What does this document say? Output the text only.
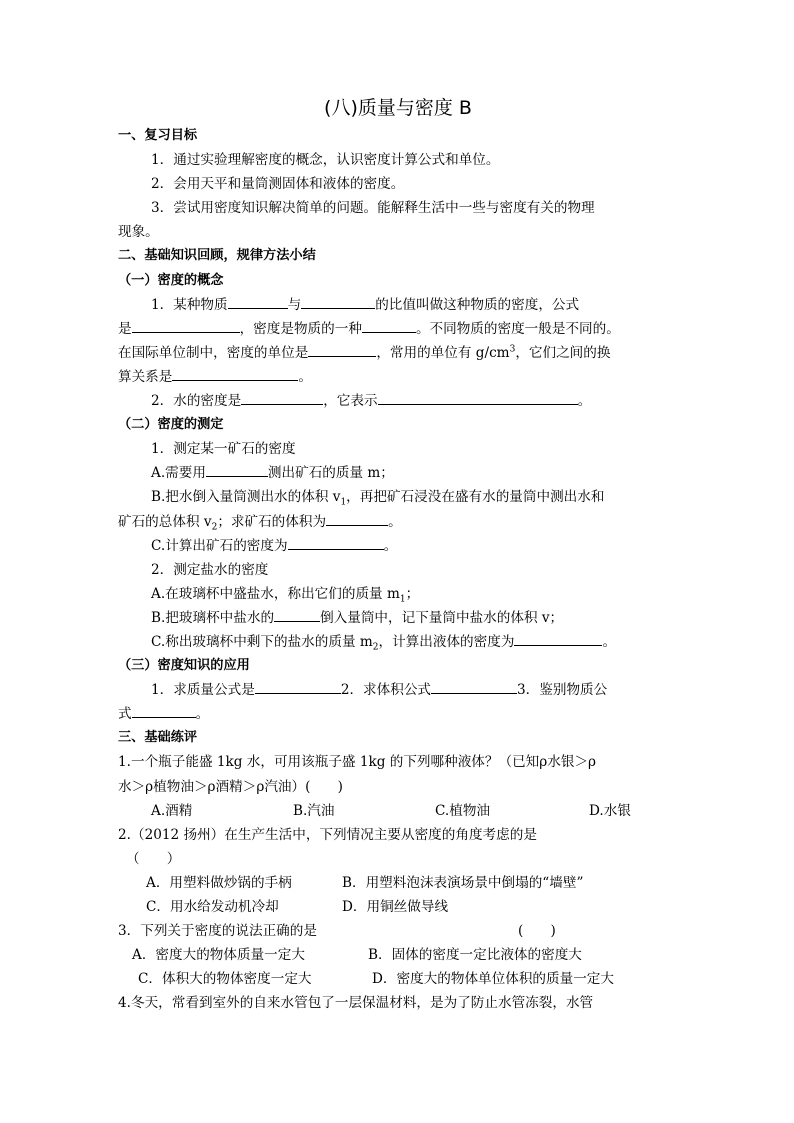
(八)质量与密度 B
一、复习目标
1．通过实验理解密度的概念，认识密度计算公式和单位。
2．会用天平和量筒测固体和液体的密度。
3．尝试用密度知识解决简单的问题。能解释生活中一些与密度有关的物理
现象。
二、基础知识回顾，规律方法小结
（一）密度的概念
1．某种物质	与	的比值叫做这种物质的密度，公式
是	，密度是物质的一种	。不同物质的密度一般是不同的。
在国际单位制中，密度的单位是	，常用的单位有 $g/cm^3$，它们之间的换
算关系是	。
2．水的密度是	，它表示	。
（二）密度的测定
1．测定某一矿石的密度
A.需要用	测出矿石的质量 m；
B.把水倒入量筒测出水的体积 $v_1$，再把矿石浸没在盛有水的量筒中测出水和
矿石的总体积 $v_2$；求矿石的体积为	。
C.计算出矿石的密度为	。
2．测定盐水的密度
A.在玻璃杯中盛盐水，称出它们的质量 $m_1$；
B.把玻璃杯中盐水的	倒入量筒中，记下量筒中盐水的体积 v；
C.称出玻璃杯中剩下的盐水的质量 $m_2$，计算出液体的密度为	。
（三）密度知识的应用
1．求质量公式是	2．求体积公式	3．鉴别物质公
式	。
三、基础练评
1.一个瓶子能盛 1kg 水，可用该瓶子盛 1kg 的下列哪种液体？（已知ρ水银＞ρ
水＞ρ植物油＞ρ酒精＞ρ汽油）(　　)
A.酒精	B.汽油	C.植物油	D.水银
2.（2012 扬州）在生产生活中，下列情况主要从密度的角度考虑的是
（　　）
A．用塑料做炒锅的手柄	B．用塑料泡沫表演场景中倒塌的“墙壁”
C．用水给发动机冷却	D．用铜丝做导线
3．下列关于密度的说法正确的是	(　　)
A．密度大的物体质量一定大	B．固体的密度一定比液体的密度大
C．体积大的物体密度一定大	D．密度大的物体单位体积的质量一定大
4.冬天，常看到室外的自来水管包了一层保温材料，是为了防止水管冻裂，水管
